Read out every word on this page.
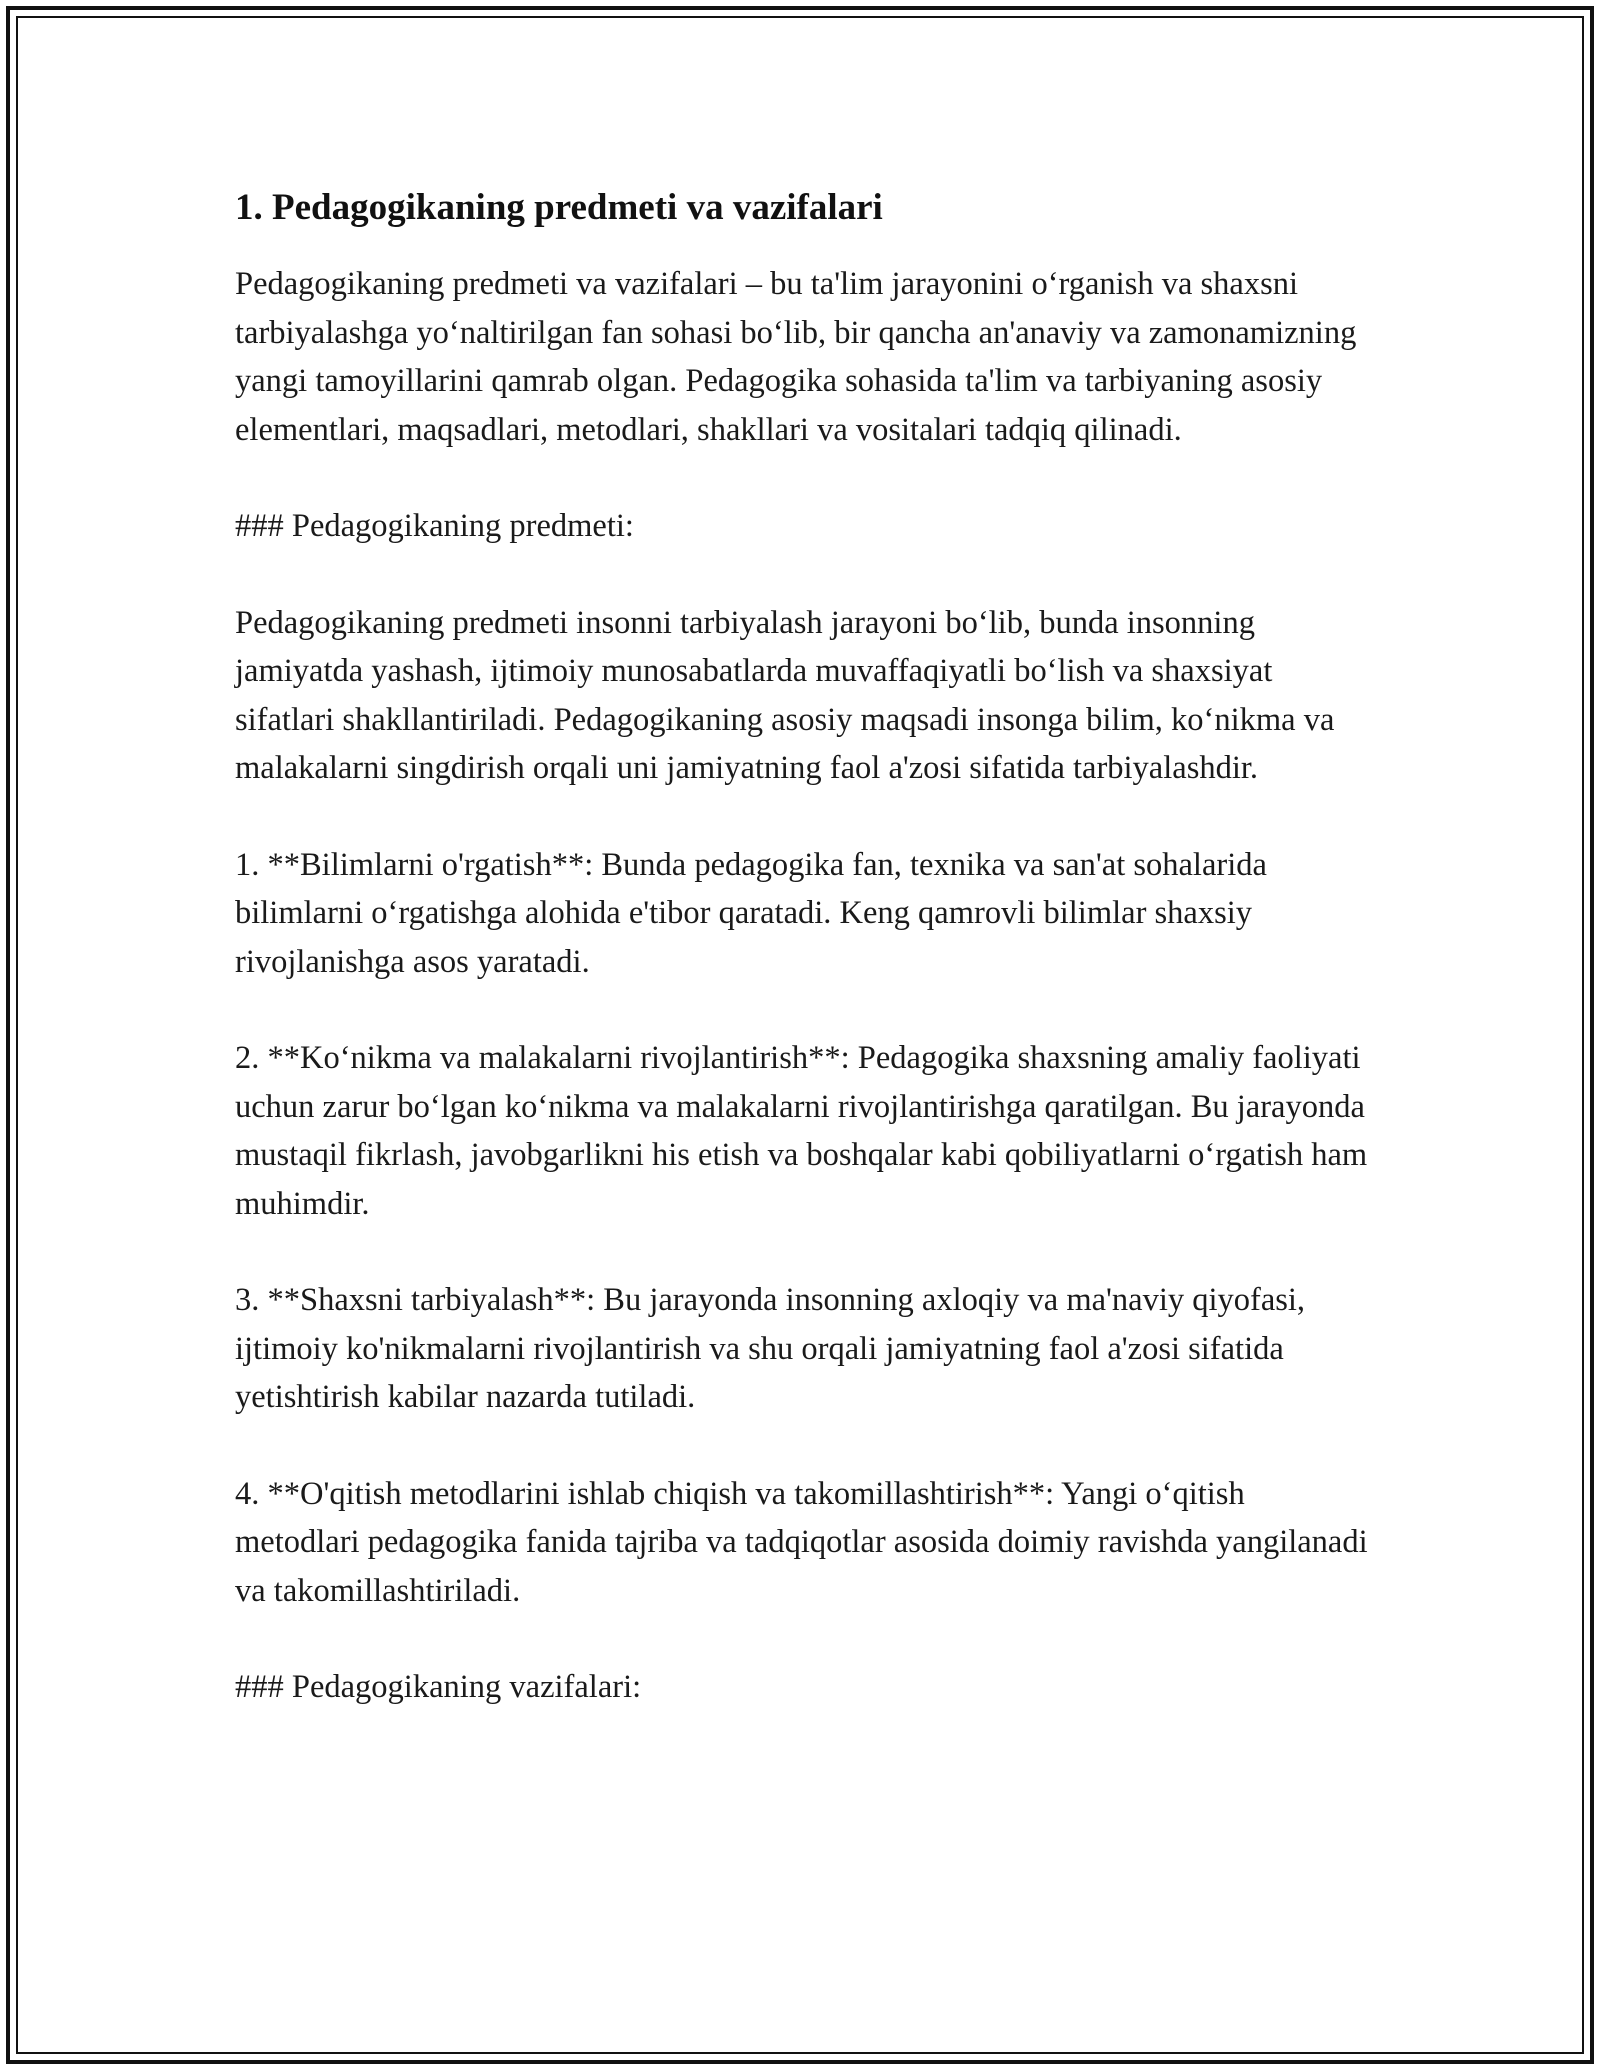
1. Pedagogikaning predmeti va vazifalari

Pedagogikaning predmeti va vazifalari – bu ta'lim jarayonini o‘rganish va shaxsni tarbiyalashga yo‘naltirilgan fan sohasi bo‘lib, bir qancha an'anaviy va zamonamizning yangi tamoyillarini qamrab olgan. Pedagogika sohasida ta'lim va tarbiyaning asosiy elementlari, maqsadlari, metodlari, shakllari va vositalari tadqiq qilinadi.

### Pedagogikaning predmeti:

Pedagogikaning predmeti insonni tarbiyalash jarayoni bo‘lib, bunda insonning jamiyatda yashash, ijtimoiy munosabatlarda muvaffaqiyatli bo‘lish va shaxsiyat sifatlari shakllantiriladi. Pedagogikaning asosiy maqsadi insonga bilim, ko‘nikma va malakalarni singdirish orqali uni jamiyatning faol a'zosi sifatida tarbiyalashdir.

1. **Bilimlarni o'rgatish**: Bunda pedagogika fan, texnika va san'at sohalarida bilimlarni o‘rgatishga alohida e'tibor qaratadi. Keng qamrovli bilimlar shaxsiy rivojlanishga asos yaratadi.

2. **Ko‘nikma va malakalarni rivojlantirish**: Pedagogika shaxsning amaliy faoliyati uchun zarur bo‘lgan ko‘nikma va malakalarni rivojlantirishga qaratilgan. Bu jarayonda mustaqil fikrlash, javobgarlikni his etish va boshqalar kabi qobiliyatlarni o‘rgatish ham muhimdir.

3. **Shaxsni tarbiyalash**: Bu jarayonda insonning axloqiy va ma'naviy qiyofasi, ijtimoiy ko'nikmalarni rivojlantirish va shu orqali jamiyatning faol a'zosi sifatida yetishtirish kabilar nazarda tutiladi.

4. **O'qitish metodlarini ishlab chiqish va takomillashtirish**: Yangi o‘qitish metodlari pedagogika fanida tajriba va tadqiqotlar asosida doimiy ravishda yangilanadi va takomillashtiriladi.

### Pedagogikaning vazifalari:
